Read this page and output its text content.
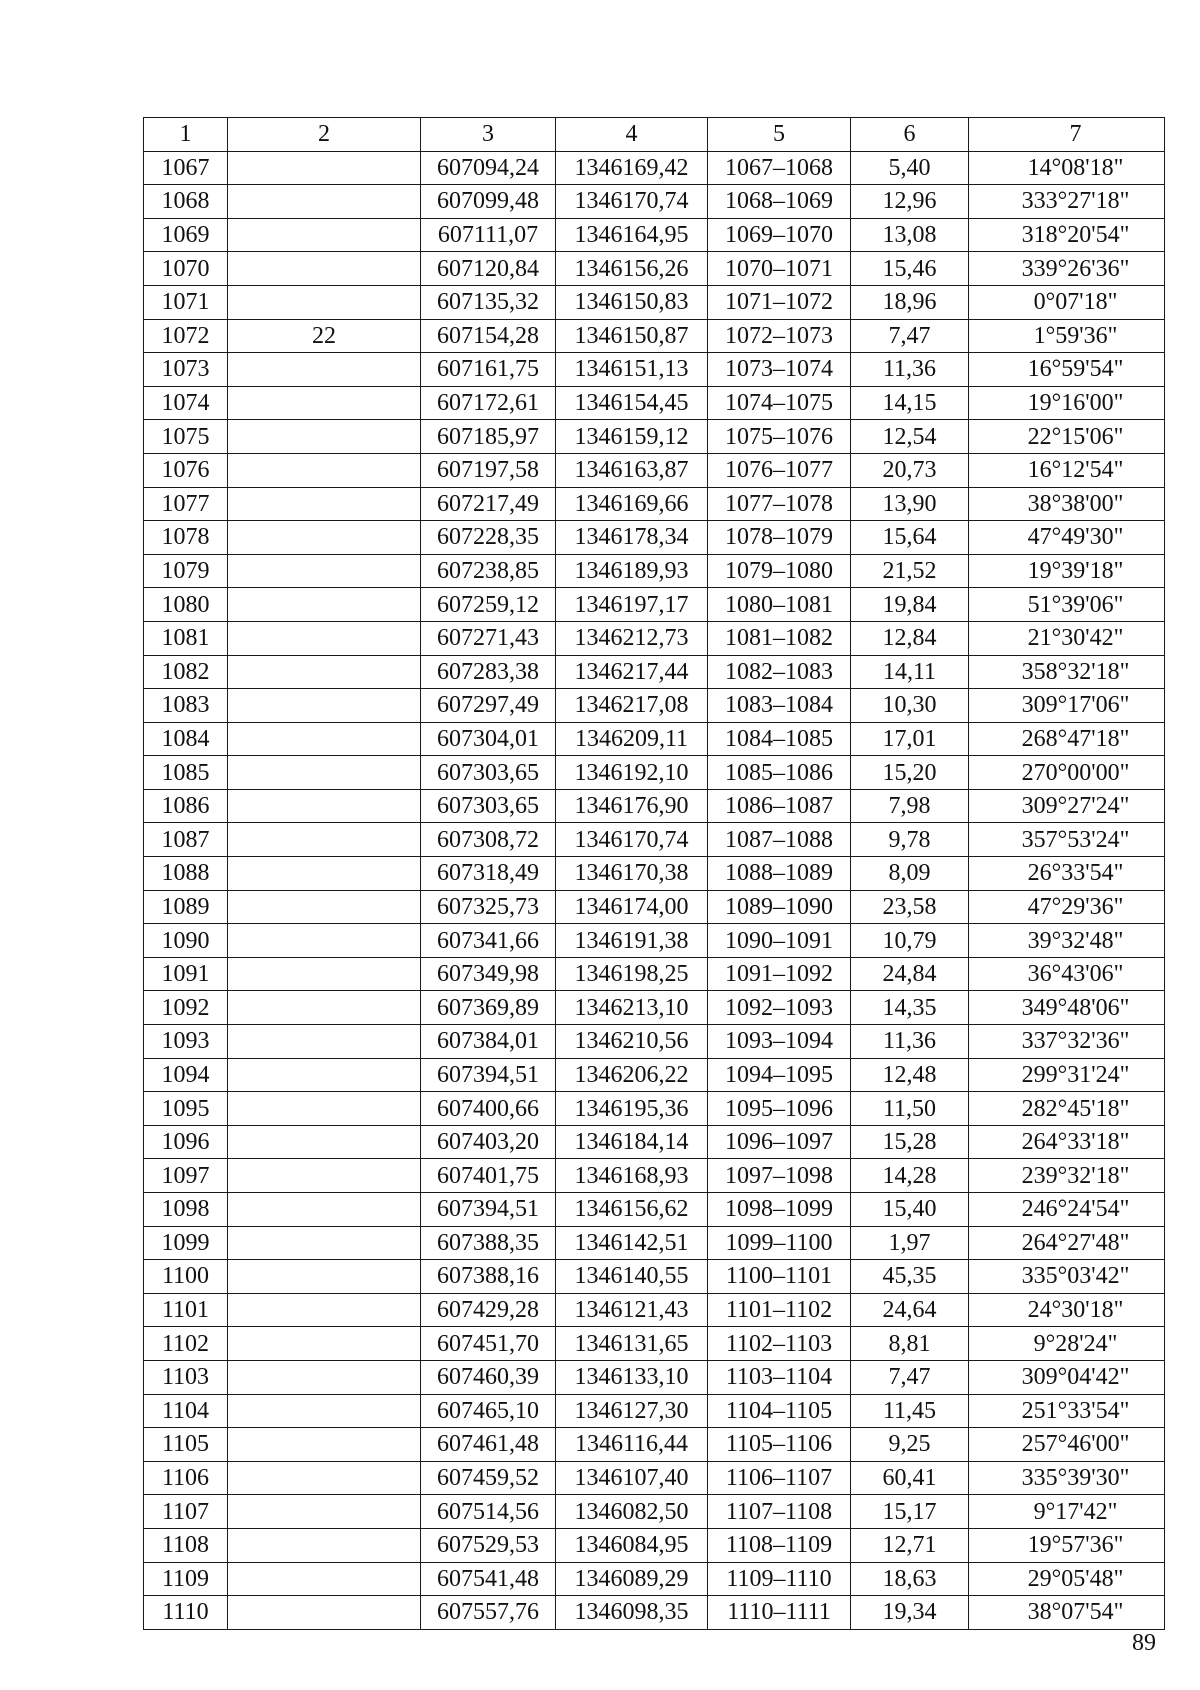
1	2	3	4	5	6	7
1067		607094,24	1346169,42	1067–1068	5,40	14°08'18"
1068		607099,48	1346170,74	1068–1069	12,96	333°27'18"
1069		607111,07	1346164,95	1069–1070	13,08	318°20'54"
1070		607120,84	1346156,26	1070–1071	15,46	339°26'36"
1071		607135,32	1346150,83	1071–1072	18,96	0°07'18"
1072	22	607154,28	1346150,87	1072–1073	7,47	1°59'36"
1073		607161,75	1346151,13	1073–1074	11,36	16°59'54"
1074		607172,61	1346154,45	1074–1075	14,15	19°16'00"
1075		607185,97	1346159,12	1075–1076	12,54	22°15'06"
1076		607197,58	1346163,87	1076–1077	20,73	16°12'54"
1077		607217,49	1346169,66	1077–1078	13,90	38°38'00"
1078		607228,35	1346178,34	1078–1079	15,64	47°49'30"
1079		607238,85	1346189,93	1079–1080	21,52	19°39'18"
1080		607259,12	1346197,17	1080–1081	19,84	51°39'06"
1081		607271,43	1346212,73	1081–1082	12,84	21°30'42"
1082		607283,38	1346217,44	1082–1083	14,11	358°32'18"
1083		607297,49	1346217,08	1083–1084	10,30	309°17'06"
1084		607304,01	1346209,11	1084–1085	17,01	268°47'18"
1085		607303,65	1346192,10	1085–1086	15,20	270°00'00"
1086		607303,65	1346176,90	1086–1087	7,98	309°27'24"
1087		607308,72	1346170,74	1087–1088	9,78	357°53'24"
1088		607318,49	1346170,38	1088–1089	8,09	26°33'54"
1089		607325,73	1346174,00	1089–1090	23,58	47°29'36"
1090		607341,66	1346191,38	1090–1091	10,79	39°32'48"
1091		607349,98	1346198,25	1091–1092	24,84	36°43'06"
1092		607369,89	1346213,10	1092–1093	14,35	349°48'06"
1093		607384,01	1346210,56	1093–1094	11,36	337°32'36"
1094		607394,51	1346206,22	1094–1095	12,48	299°31'24"
1095		607400,66	1346195,36	1095–1096	11,50	282°45'18"
1096		607403,20	1346184,14	1096–1097	15,28	264°33'18"
1097		607401,75	1346168,93	1097–1098	14,28	239°32'18"
1098		607394,51	1346156,62	1098–1099	15,40	246°24'54"
1099		607388,35	1346142,51	1099–1100	1,97	264°27'48"
1100		607388,16	1346140,55	1100–1101	45,35	335°03'42"
1101		607429,28	1346121,43	1101–1102	24,64	24°30'18"
1102		607451,70	1346131,65	1102–1103	8,81	9°28'24"
1103		607460,39	1346133,10	1103–1104	7,47	309°04'42"
1104		607465,10	1346127,30	1104–1105	11,45	251°33'54"
1105		607461,48	1346116,44	1105–1106	9,25	257°46'00"
1106		607459,52	1346107,40	1106–1107	60,41	335°39'30"
1107		607514,56	1346082,50	1107–1108	15,17	9°17'42"
1108		607529,53	1346084,95	1108–1109	12,71	19°57'36"
1109		607541,48	1346089,29	1109–1110	18,63	29°05'48"
1110		607557,76	1346098,35	1110–1111	19,34	38°07'54"
89
